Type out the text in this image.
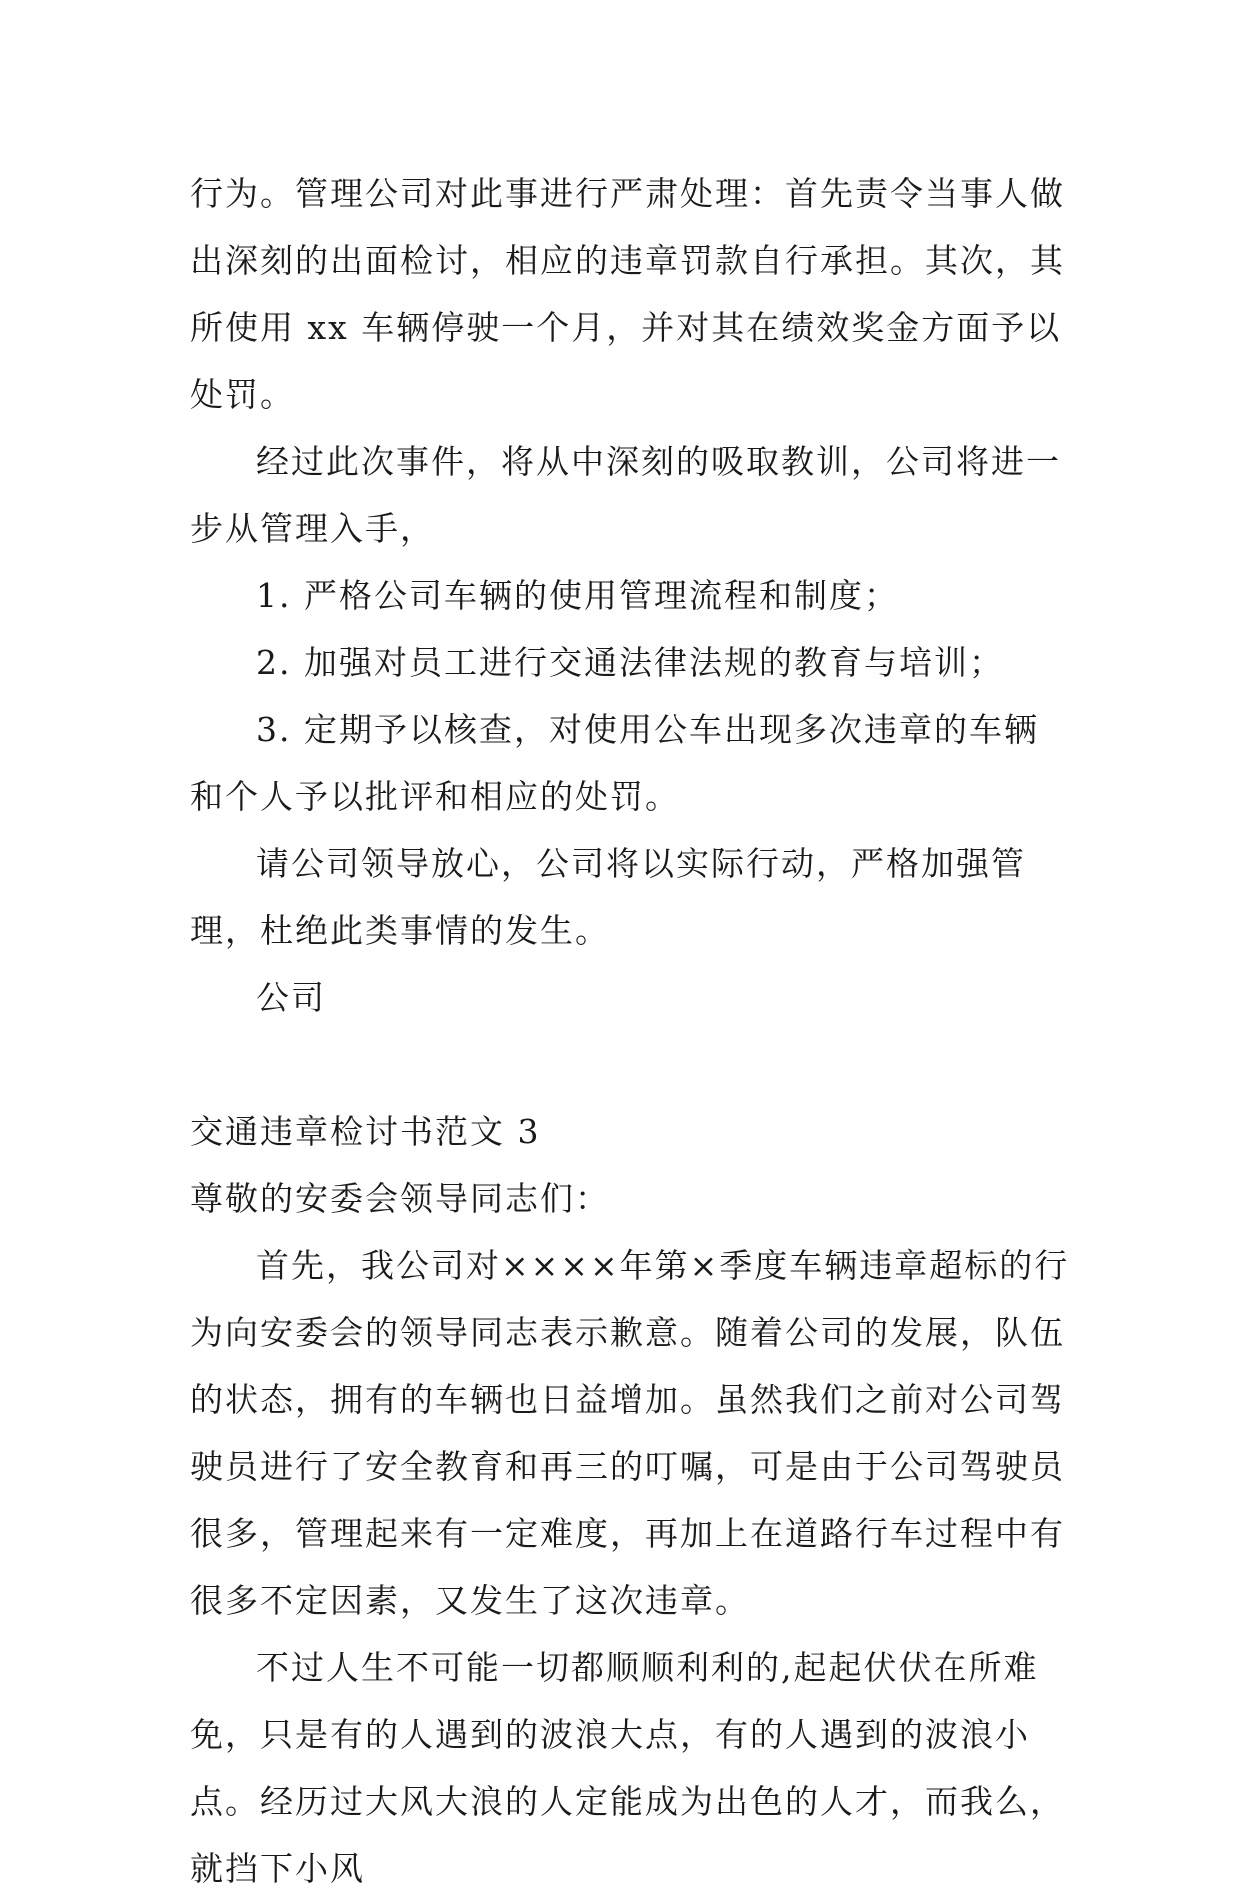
行为。管理公司对此事进行严肃处理：首先责令当事人做出深刻的出面检讨，相应的违章罚款自行承担。其次，其所使用 xx 车辆停驶一个月，并对其在绩效奖金方面予以处罚。

经过此次事件，将从中深刻的吸取教训，公司将进一步从管理入手，

1. 严格公司车辆的使用管理流程和制度；

2. 加强对员工进行交通法律法规的教育与培训；

3. 定期予以核查，对使用公车出现多次违章的车辆和个人予以批评和相应的处罚。

请公司领导放心，公司将以实际行动，严格加强管理，杜绝此类事情的发生。

公司

交通违章检讨书范文 3

尊敬的安委会领导同志们：

首先，我公司对××××年第×季度车辆违章超标的行为向安委会的领导同志表示歉意。随着公司的发展，队伍的状态，拥有的车辆也日益增加。虽然我们之前对公司驾驶员进行了安全教育和再三的叮嘱，可是由于公司驾驶员很多，管理起来有一定难度，再加上在道路行车过程中有很多不定因素，又发生了这次违章。

不过人生不可能一切都顺顺利利的,起起伏伏在所难免，只是有的人遇到的波浪大点，有的人遇到的波浪小点。经历过大风大浪的人定能成为出色的人才，而我么，就挡下小风
